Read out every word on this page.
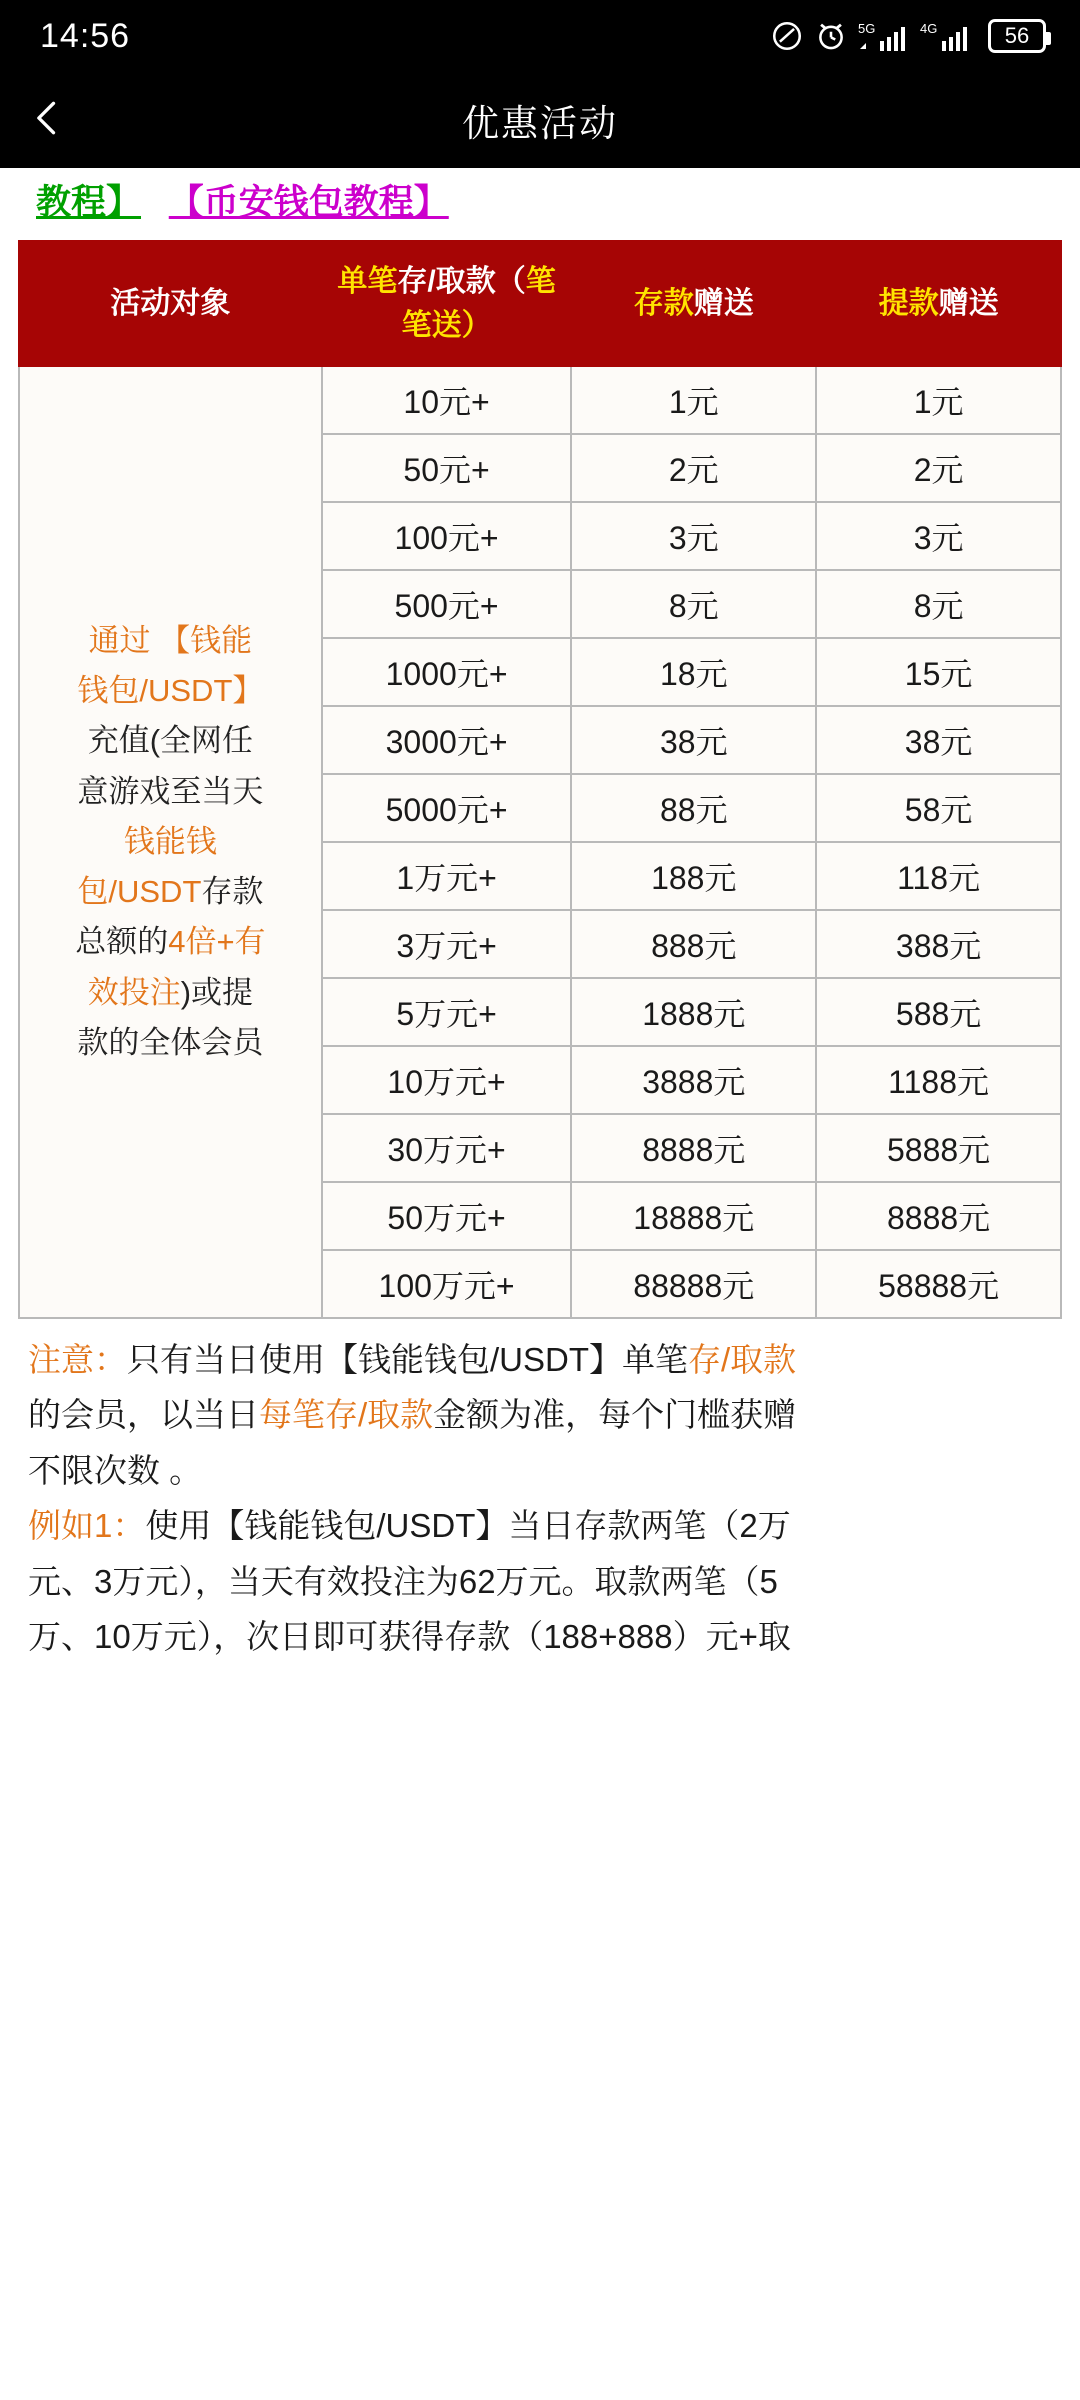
14:56	5G	4G	56
优惠活动
教程】 【币安钱包教程】
活动对象	单笔存/取款（笔笔送）	存款赠送	提款赠送
通过 【钱能
钱包/USDT】
充值(全网任
意游戏至当天
钱能钱
包/USDT存款
总额的4倍+有
效投注)或提
款的全体会员	10元+	1元	1元
	50元+	2元	2元
	100元+	3元	3元
	500元+	8元	8元
	1000元+	18元	15元
	3000元+	38元	38元
	5000元+	88元	58元
	1万元+	188元	118元
	3万元+	888元	388元
	5万元+	1888元	588元
	10万元+	3888元	1188元
	30万元+	8888元	5888元
	50万元+	18888元	8888元
	100万元+	88888元	58888元

注意：只有当日使用【钱能钱包/USDT】单笔存/取款

的会员，以当日每笔存/取款金额为准，每个门槛获赠

不限次数 。

例如1：使用【钱能钱包/USDT】当日存款两笔（2万

元、3万元），当天有效投注为62万元。取款两笔（5

万、10万元），次日即可获得存款（188+888）元+取
